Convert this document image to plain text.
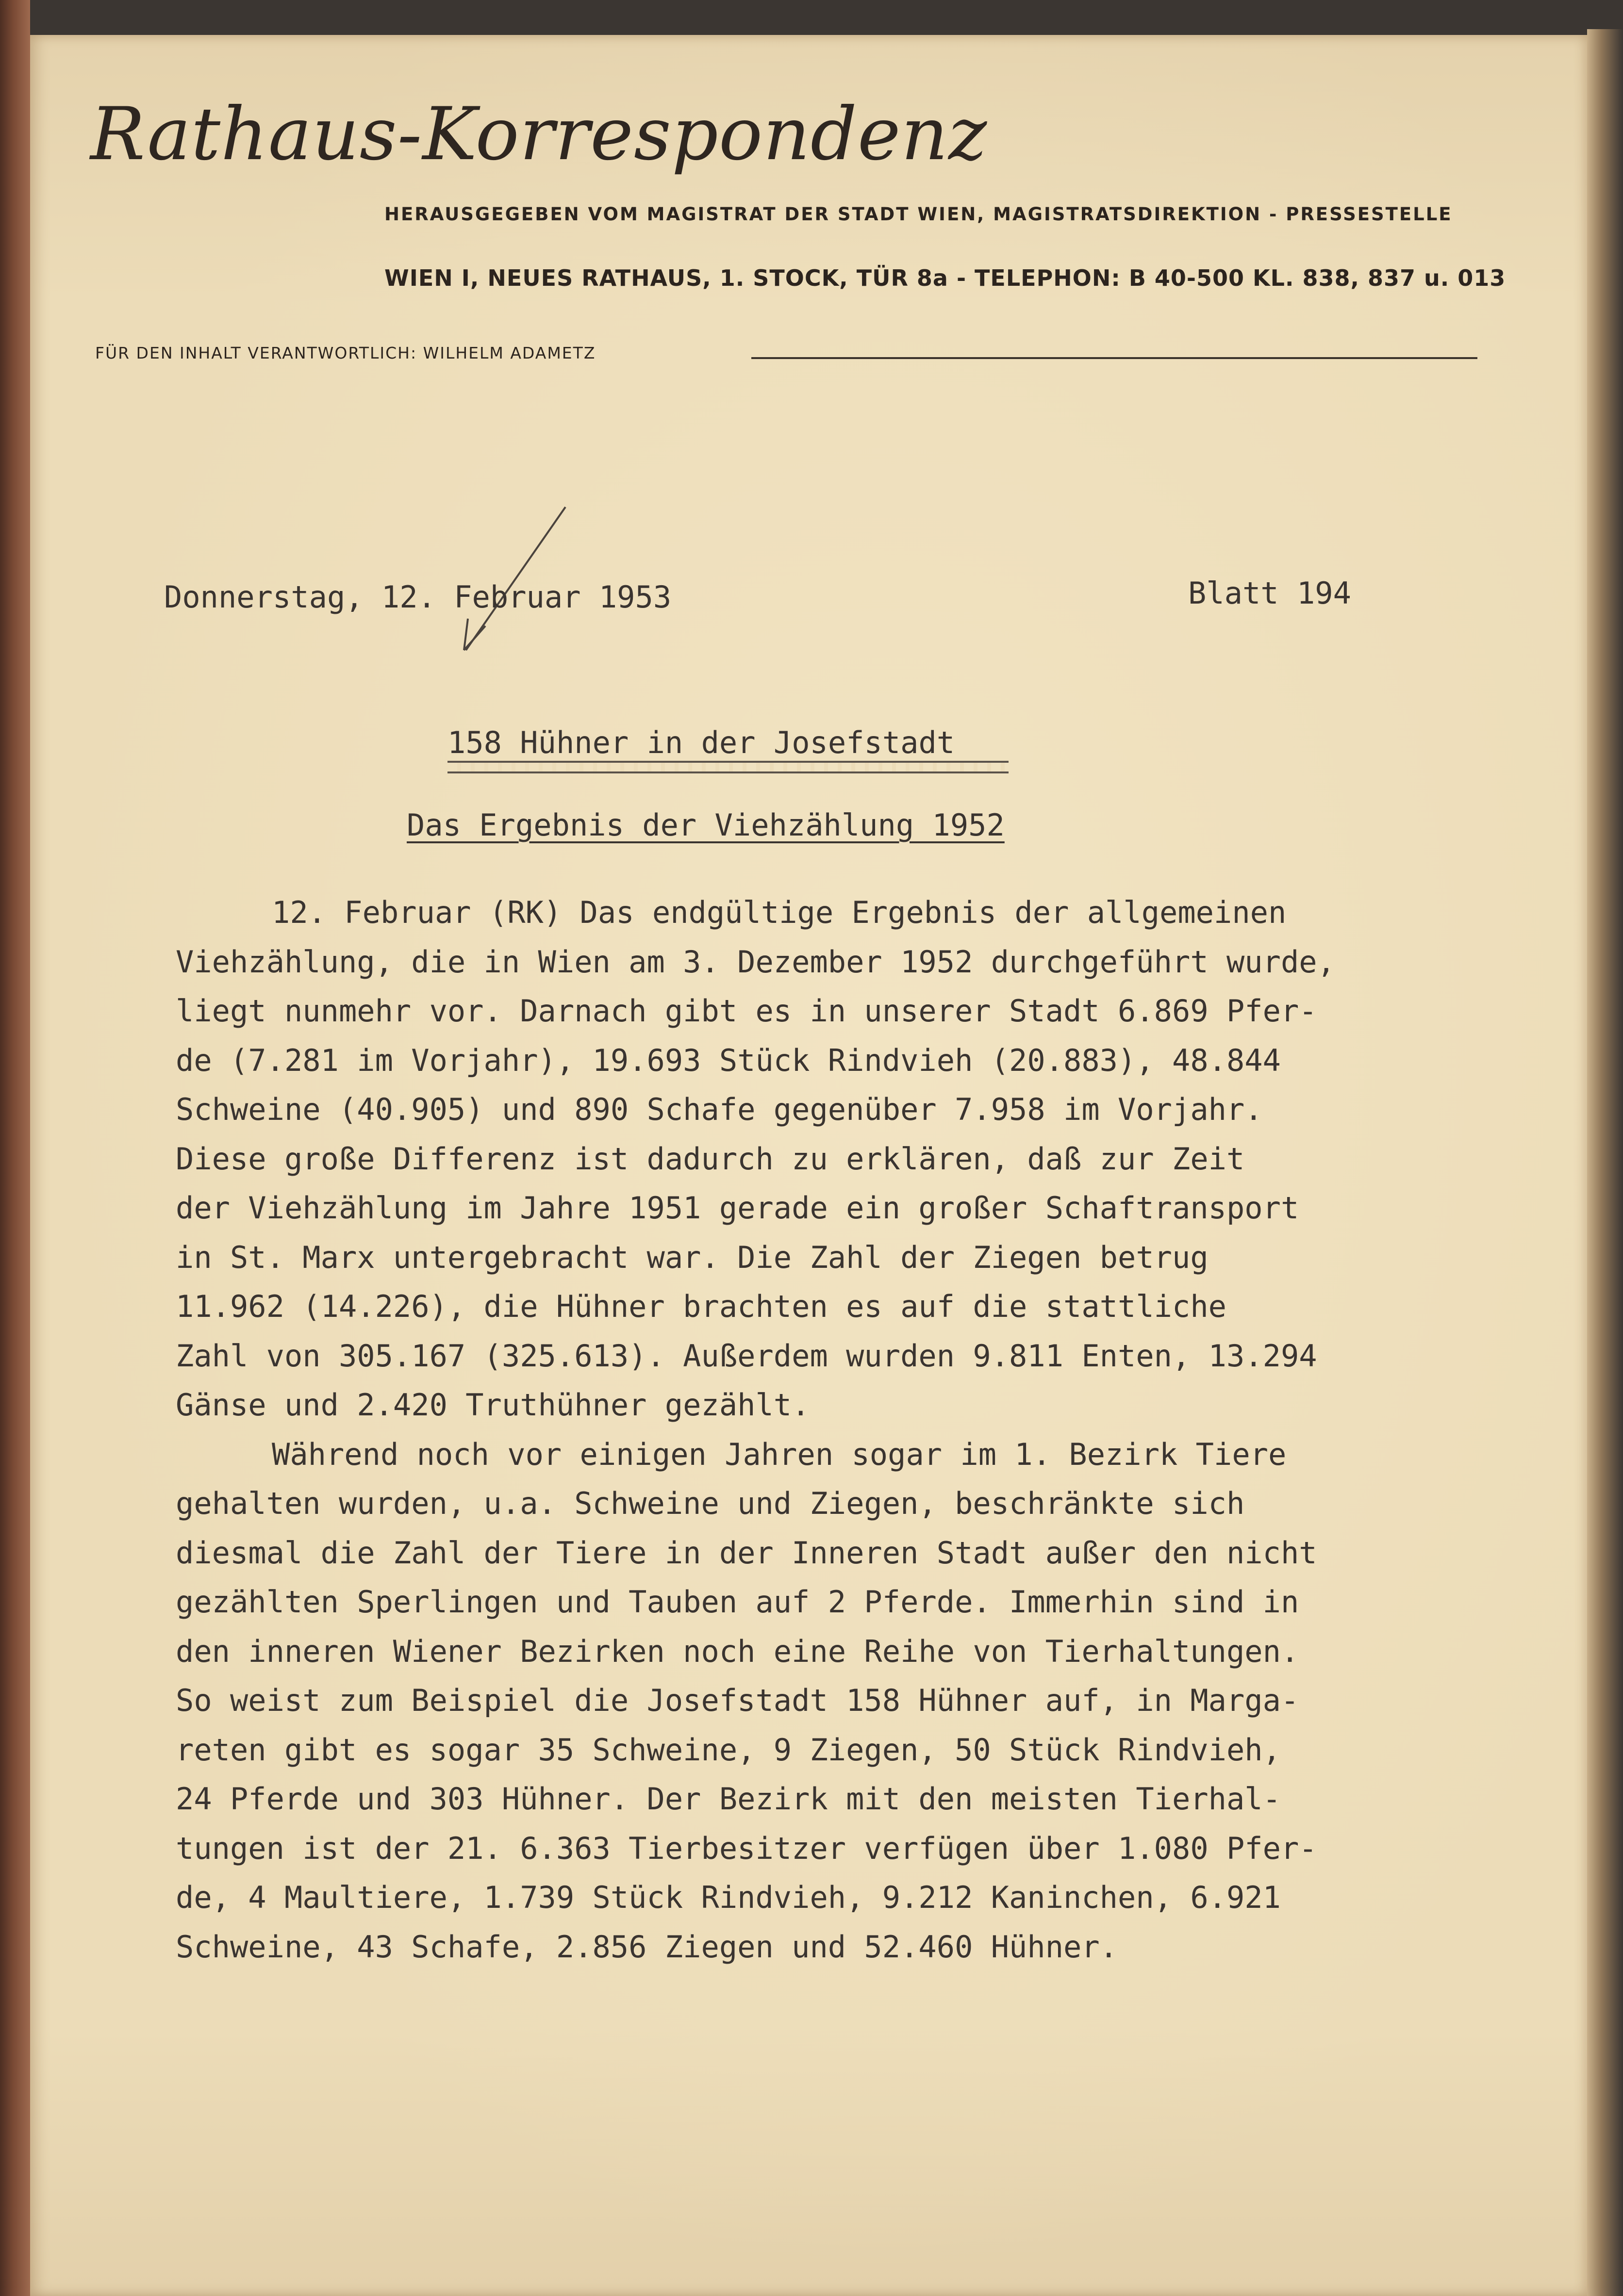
Rathaus-Korrespondenz
HERAUSGEGEBEN VOM MAGISTRAT DER STADT WIEN, MAGISTRATSDIREKTION - PRESSESTELLE
WIEN I, NEUES RATHAUS, 1. STOCK, TÜR 8a - TELEPHON: B 40-500 KL. 838, 837 u. 013
FÜR DEN INHALT VERANTWORTLICH: WILHELM ADAMETZ
Donnerstag, 12. Februar 1953	Blatt 194
158 Hühner in der Josefstadt
Das Ergebnis der Viehzählung 1952
12. Februar (RK) Das endgültige Ergebnis der allgemeinen
Viehzählung, die in Wien am 3. Dezember 1952 durchgeführt wurde,
liegt nunmehr vor. Darnach gibt es in unserer Stadt 6.869 Pfer-
de (7.281 im Vorjahr), 19.693 Stück Rindvieh (20.883), 48.844
Schweine (40.905) und 890 Schafe gegenüber 7.958 im Vorjahr.
Diese große Differenz ist dadurch zu erklären, daß zur Zeit
der Viehzählung im Jahre 1951 gerade ein großer Schaftransport
in St. Marx untergebracht war. Die Zahl der Ziegen betrug
11.962 (14.226), die Hühner brachten es auf die stattliche
Zahl von 305.167 (325.613). Außerdem wurden 9.811 Enten, 13.294
Gänse und 2.420 Truthühner gezählt.
Während noch vor einigen Jahren sogar im 1. Bezirk Tiere
gehalten wurden, u.a. Schweine und Ziegen, beschränkte sich
diesmal die Zahl der Tiere in der Inneren Stadt außer den nicht
gezählten Sperlingen und Tauben auf 2 Pferde. Immerhin sind in
den inneren Wiener Bezirken noch eine Reihe von Tierhaltungen.
So weist zum Beispiel die Josefstadt 158 Hühner auf, in Marga-
reten gibt es sogar 35 Schweine, 9 Ziegen, 50 Stück Rindvieh,
24 Pferde und 303 Hühner. Der Bezirk mit den meisten Tierhal-
tungen ist der 21. 6.363 Tierbesitzer verfügen über 1.080 Pfer-
de, 4 Maultiere, 1.739 Stück Rindvieh, 9.212 Kaninchen, 6.921
Schweine, 43 Schafe, 2.856 Ziegen und 52.460 Hühner.
